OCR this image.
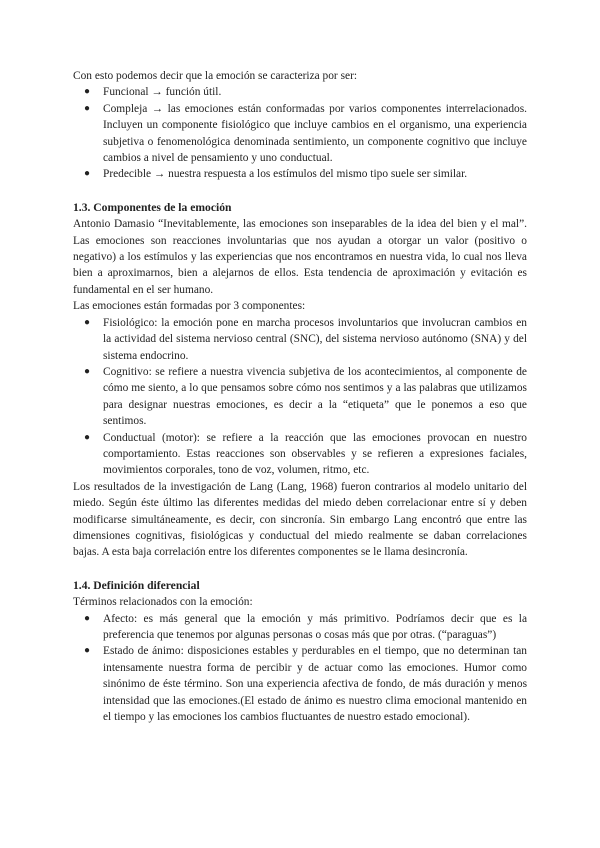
Con esto podemos decir que la emoción se caracteriza por ser:

● Funcional → función útil.
● Compleja → las emociones están conformadas por varios componentes interrelacionados. Incluyen un componente fisiológico que incluye cambios en el organismo, una experiencia subjetiva o fenomenológica denominada sentimiento, un componente cognitivo que incluye cambios a nivel de pensamiento y uno conductual.
● Predecible → nuestra respuesta a los estímulos del mismo tipo suele ser similar.
1.3. Componentes de la emoción

Antonio Damasio “Inevitablemente, las emociones son inseparables de la idea del bien y el mal”. Las emociones son reacciones involuntarias que nos ayudan a otorgar un valor (positivo o negativo) a los estímulos y las experiencias que nos encontramos en nuestra vida, lo cual nos lleva bien a aproximarnos, bien a alejarnos de ellos. Esta tendencia de aproximación y evitación es fundamental en el ser humano.

Las emociones están formadas por 3 componentes:

● Fisiológico: la emoción pone en marcha procesos involuntarios que involucran cambios en la actividad del sistema nervioso central (SNC), del sistema nervioso autónomo (SNA) y del sistema endocrino.
● Cognitivo: se refiere a nuestra vivencia subjetiva de los acontecimientos, al componente de cómo me siento, a lo que pensamos sobre cómo nos sentimos y a las palabras que utilizamos para designar nuestras emociones, es decir a la “etiqueta” que le ponemos a eso que sentimos.
● Conductual (motor): se refiere a la reacción que las emociones provocan en nuestro comportamiento. Estas reacciones son observables y se refieren a expresiones faciales, movimientos corporales, tono de voz, volumen, ritmo, etc.

Los resultados de la investigación de Lang (Lang, 1968) fueron contrarios al modelo unitario del miedo. Según éste último las diferentes medidas del miedo deben correlacionar entre sí y deben modificarse simultáneamente, es decir, con sincronía. Sin embargo Lang encontró que entre las dimensiones cognitivas, fisiológicas y conductual del miedo realmente se daban correlaciones bajas. A esta baja correlación entre los diferentes componentes se le llama desincronía.

1.4. Definición diferencial

Términos relacionados con la emoción:

● Afecto: es más general que la emoción y más primitivo. Podríamos decir que es la preferencia que tenemos por algunas personas o cosas más que por otras. (“paraguas”)
● Estado de ánimo: disposiciones estables y perdurables en el tiempo, que no determinan tan intensamente nuestra forma de percibir y de actuar como las emociones. Humor como sinónimo de éste término. Son una experiencia afectiva de fondo, de más duración y menos intensidad que las emociones.(El estado de ánimo es nuestro clima emocional mantenido en el tiempo y las emociones los cambios fluctuantes de nuestro estado emocional).
